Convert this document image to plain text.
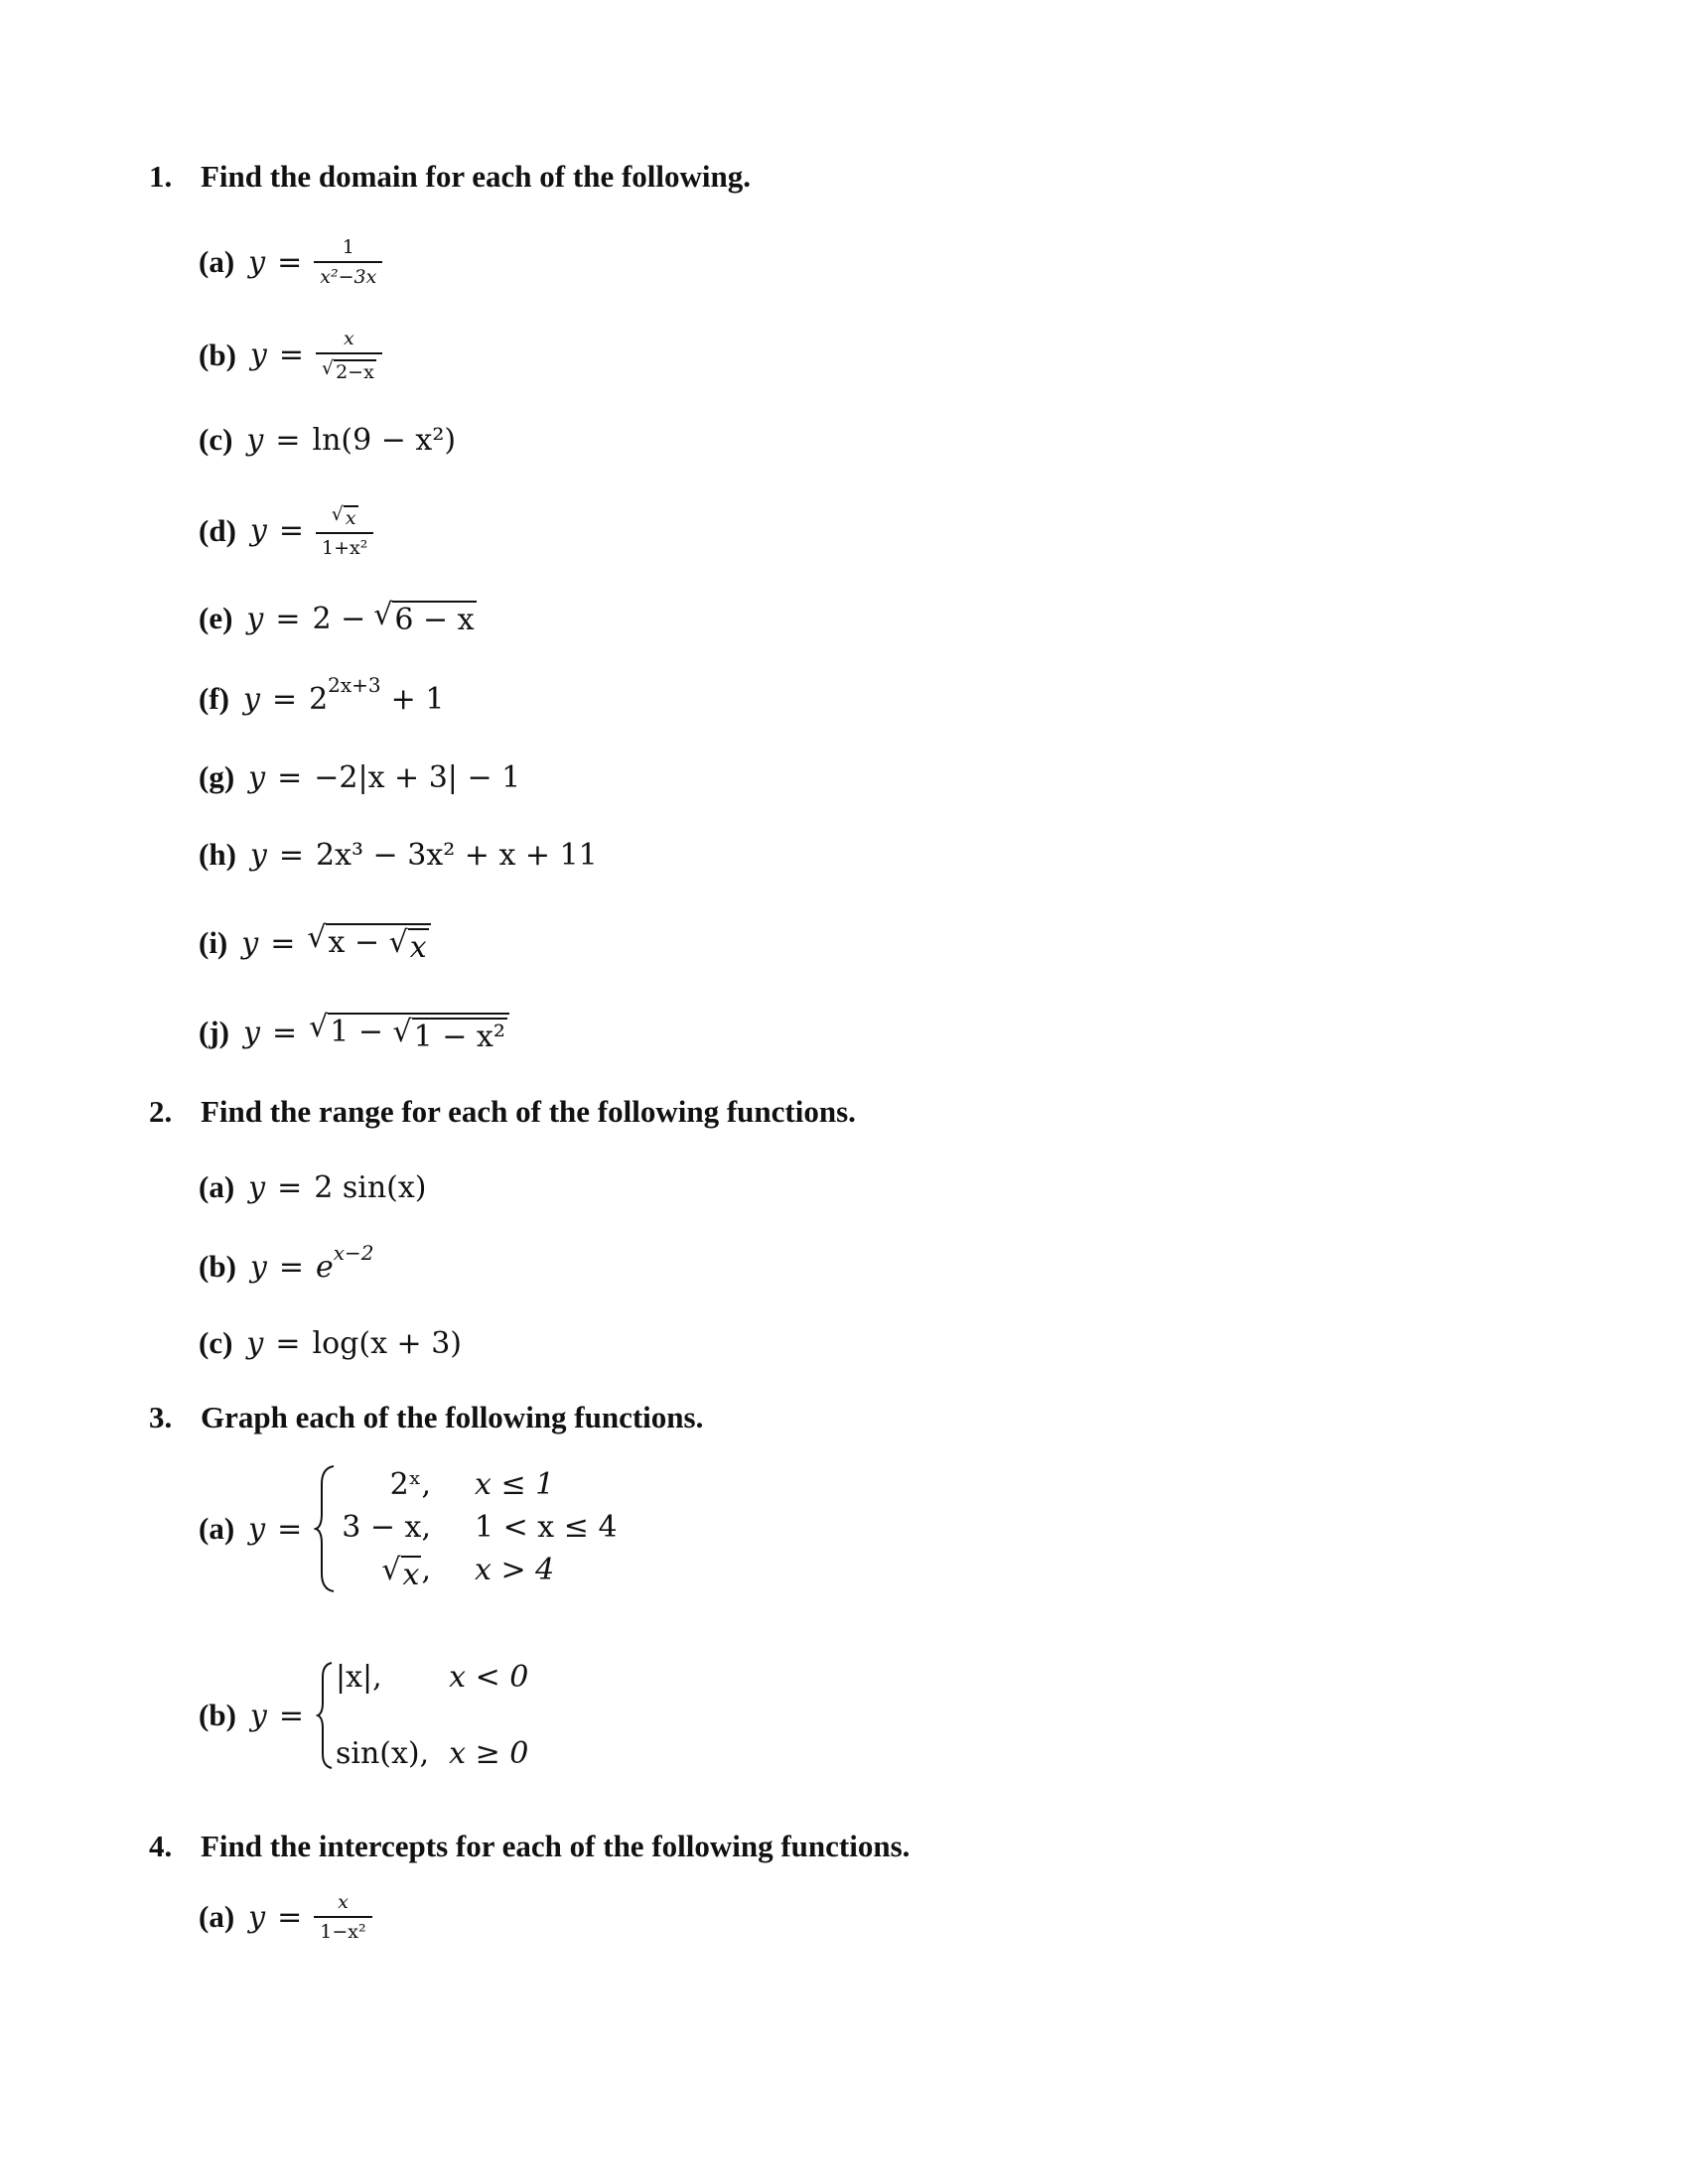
1. Find the domain for each of the following.
(a) $y = \frac{1}{\text{x²−3x}}$
(b) $y = \frac{x}{√ 2-x}$
(c) y = ln(9 − x²)
(d) $y = \frac{√ x}{\text{1+x²}}$
(e) y = 2 − √ 6 − x
(f) y = 2 2x+3 + 1
(g) y = −2|x + 3| − 1
(h) y = 2x³ − 3x² + x + 11
(i) y = √ x − √ x
(j) y = √ 1 − √ 1 − x²
2. Find the range for each of the following functions.
(a) y = 2 sin(x)
(b) y = e x−2
(c) y = log(x + 3)
3. Graph each of the following functions.
(a) y =
2ˣ, x ≤ 1
3 − x, 1 < x ≤ 4
√ x , x > 4
(b) y =
|x|,	x < 0
sin(x), x ≥ 0
4. Find the intercepts for each of the following functions.
(a) $y = \frac{x}{\text{1−x²}}$
